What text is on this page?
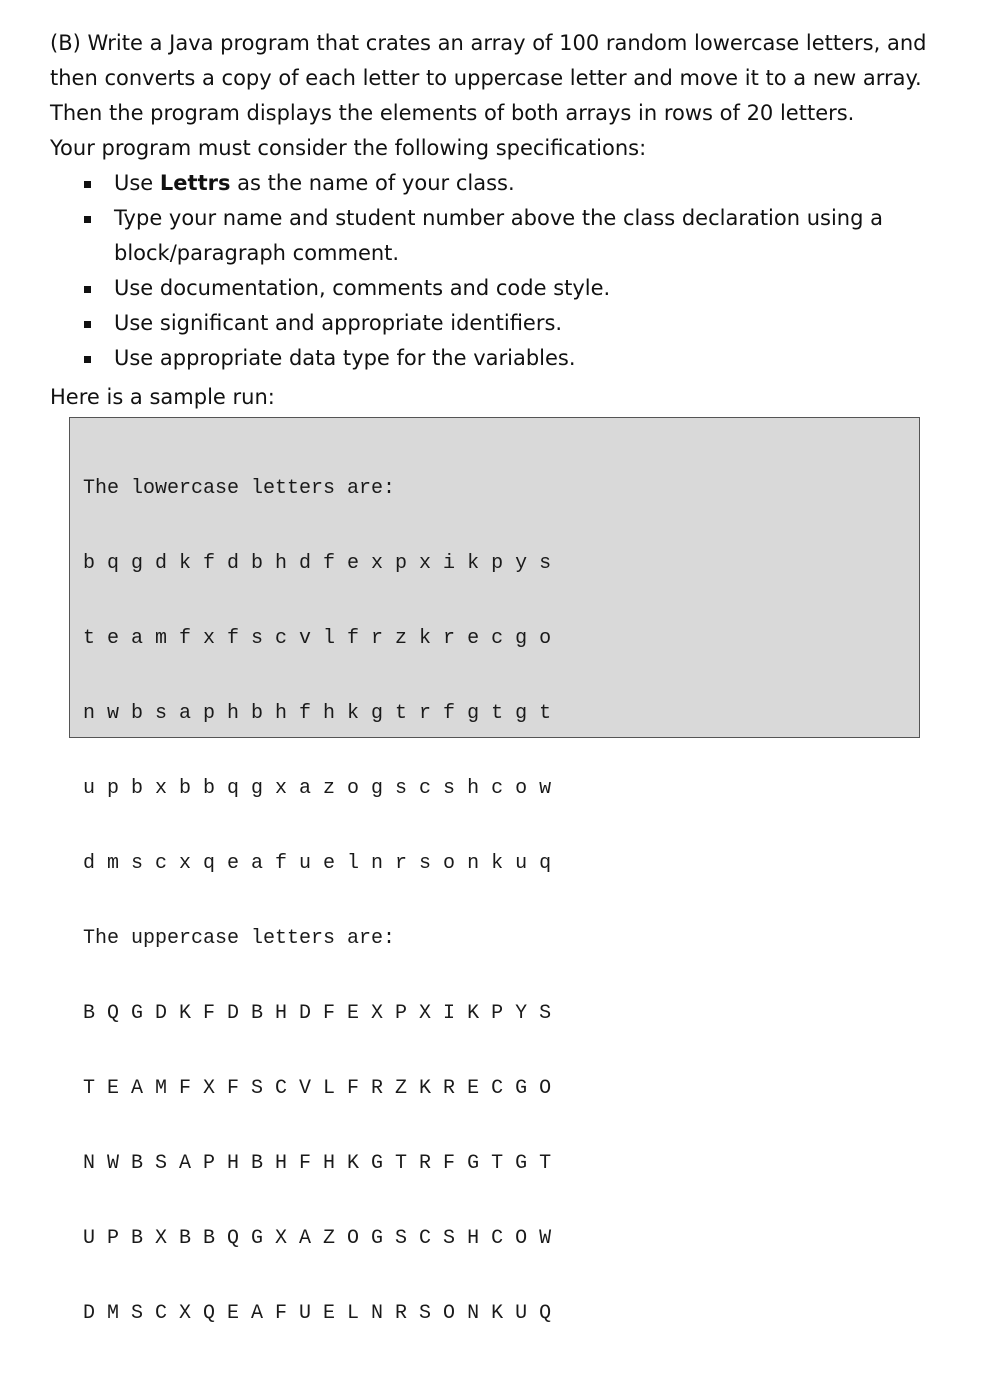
(B) Write a Java program that crates an array of 100 random lowercase letters, and
then converts a copy of each letter to uppercase letter and move it to a new array.
Then the program displays the elements of both arrays in rows of 20 letters.
Your program must consider the following specifications:

Use Lettrs as the name of your class.
Type your name and student number above the class declaration using a
block/paragraph comment.
Use documentation, comments and code style.
Use significant and appropriate identifiers.
Use appropriate data type for the variables.

Here is a sample run:

The lowercase letters are:

b q g d k f d b h d f e x p x i k p y s

t e a m f x f s c v l f r z k r e c g o

n w b s a p h b h f h k g t r f g t g t

u p b x b b q g x a z o g s c s h c o w

d m s c x q e a f u e l n r s o n k u q

The uppercase letters are:

B Q G D K F D B H D F E X P X I K P Y S

T E A M F X F S C V L F R Z K R E C G O

N W B S A P H B H F H K G T R F G T G T

U P B X B B Q G X A Z O G S C S H C O W

D M S C X Q E A F U E L N R S O N K U Q
